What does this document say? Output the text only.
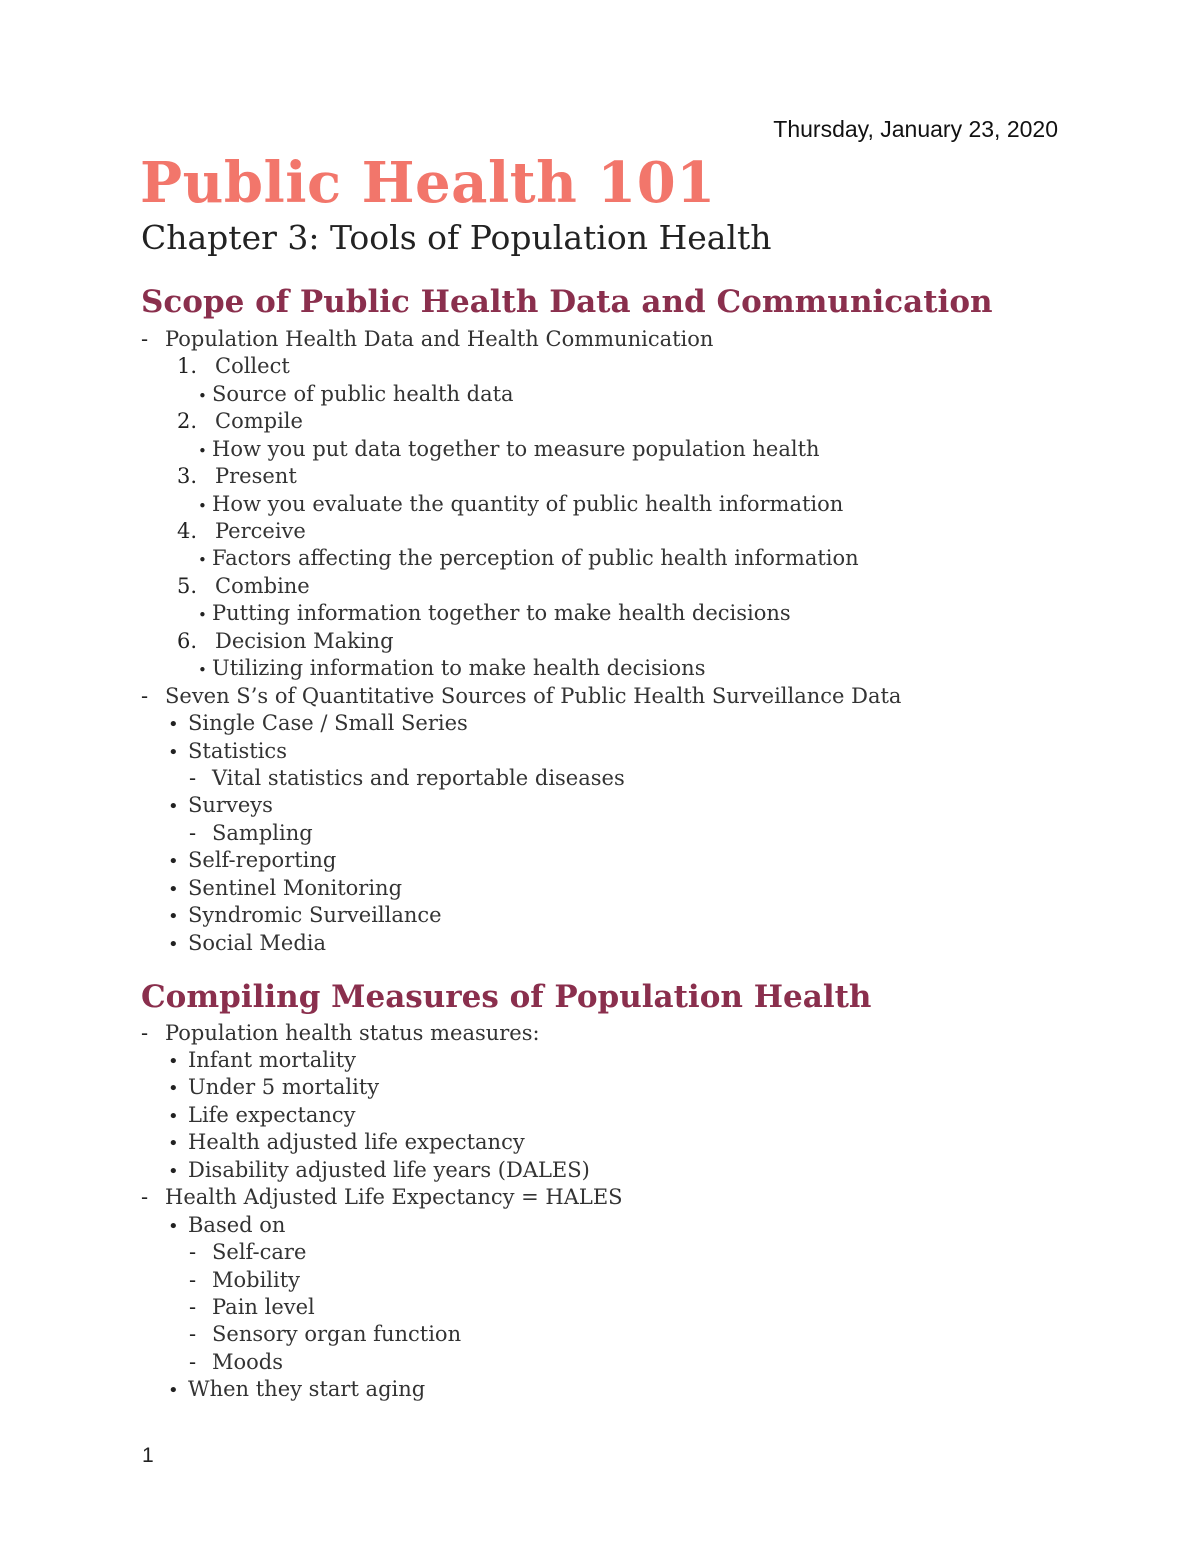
Thursday, January 23, 2020
Public Health 101
Chapter 3: Tools of Population Health
Scope of Public Health Data and Communication
- Population Health Data and Health Communication
1. Collect
• Source of public health data
2. Compile
• How you put data together to measure population health
3. Present
• How you evaluate the quantity of public health information
4. Perceive
• Factors affecting the perception of public health information
5. Combine
• Putting information together to make health decisions
6. Decision Making
• Utilizing information to make health decisions
- Seven S’s of Quantitative Sources of Public Health Surveillance Data
• Single Case / Small Series
• Statistics
- Vital statistics and reportable diseases
• Surveys
- Sampling
• Self-reporting
• Sentinel Monitoring
• Syndromic Surveillance
• Social Media
Compiling Measures of Population Health
- Population health status measures:
• Infant mortality
• Under 5 mortality
• Life expectancy
• Health adjusted life expectancy
• Disability adjusted life years (DALES)
- Health Adjusted Life Expectancy = HALES
• Based on
- Self-care
- Mobility
- Pain level
- Sensory organ function
- Moods
• When they start aging
1
